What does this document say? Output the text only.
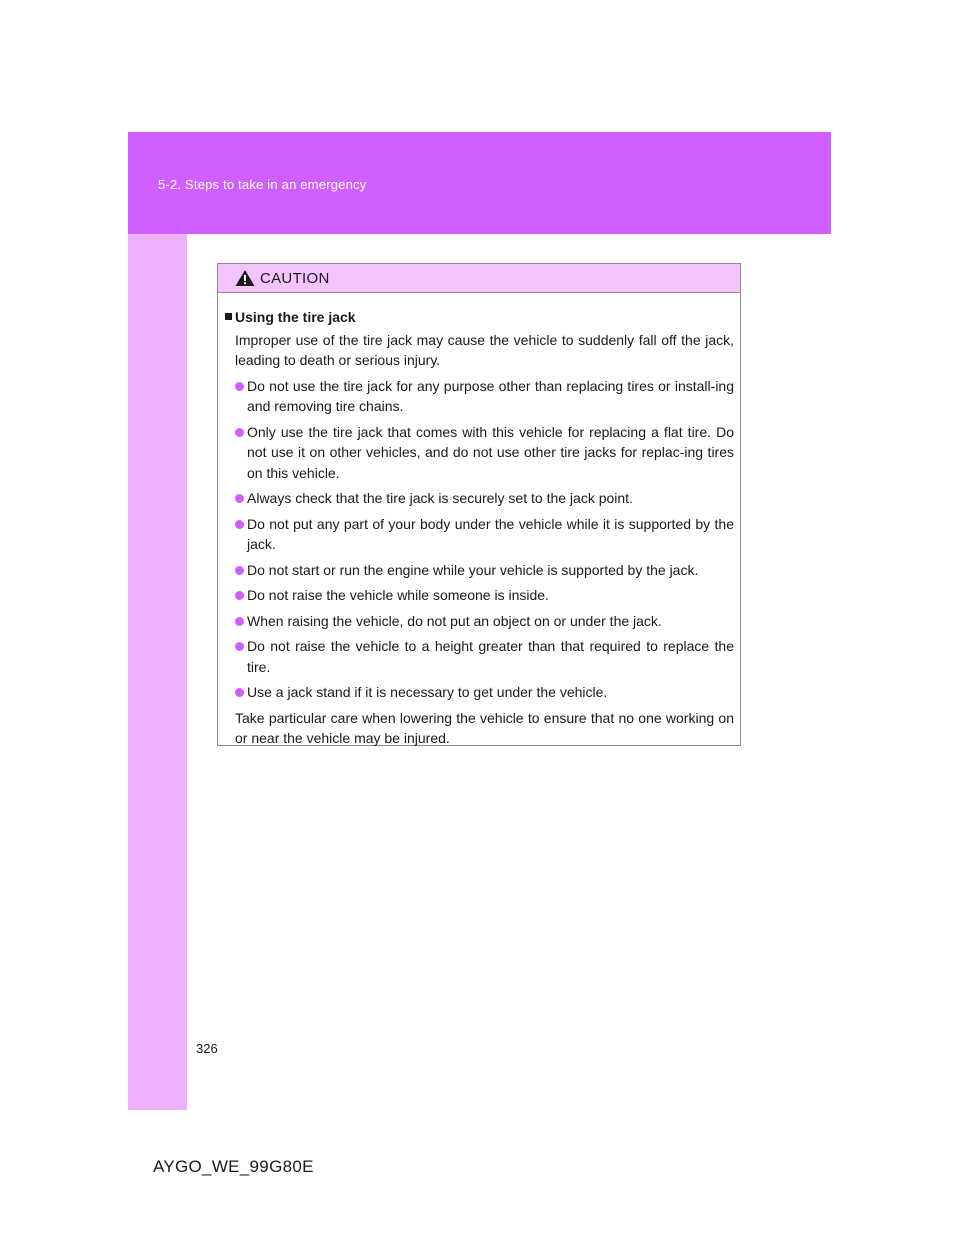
5-2. Steps to take in an emergency
CAUTION
Using the tire jack
Improper use of the tire jack may cause the vehicle to suddenly fall off the jack, leading to death or serious injury.
Do not use the tire jack for any purpose other than replacing tires or install-ing and removing tire chains.
Only use the tire jack that comes with this vehicle for replacing a flat tire. Do not use it on other vehicles, and do not use other tire jacks for replac-ing tires on this vehicle.
Always check that the tire jack is securely set to the jack point.
Do not put any part of your body under the vehicle while it is supported by the jack.
Do not start or run the engine while your vehicle is supported by the jack.
Do not raise the vehicle while someone is inside.
When raising the vehicle, do not put an object on or under the jack.
Do not raise the vehicle to a height greater than that required to replace the tire.
Use a jack stand if it is necessary to get under the vehicle.
Take particular care when lowering the vehicle to ensure that no one working on or near the vehicle may be injured.
326
AYGO_WE_99G80E
